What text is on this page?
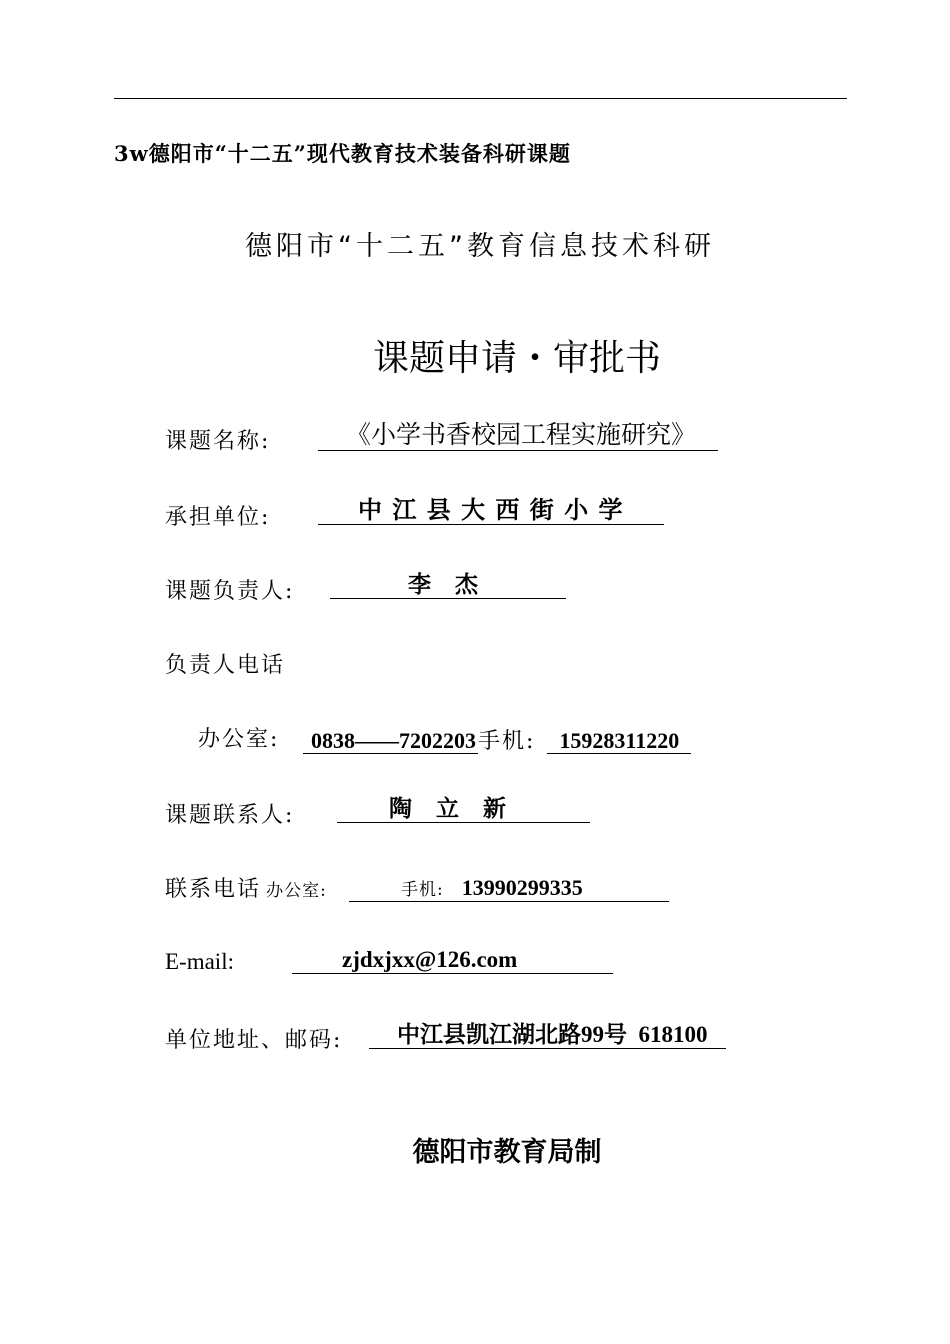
3w德阳市“十二五”现代教育技术装备科研课题
德阳市“十二五”教育信息技术科研
课题申请・审批书
课题名称:	《小学书香校园工程实施研究》
承担单位:	中 江 县 大 西 街 小 学
课题负责人:	李   杰
负责人电话
办公室:	0838——7202203手机: 15928311220
课题联系人:	陶   立   新
联系电话 办公室:	手机: 13990299335
E-mail:	zjdxjxx@126.com
单位地址、邮码:	中江县凯江湖北路99号  618100
德阳市教育局制
